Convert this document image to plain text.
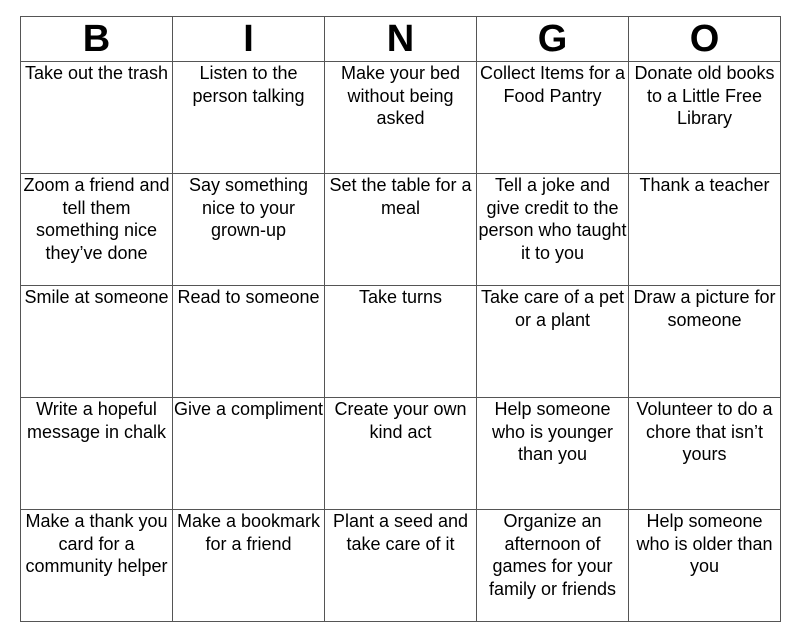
B	I	N	G	O

Take out the trash	Listen to the person talking	Make your bed without being asked	Collect Items for a Food Pantry	Donate old books to a Little Free Library

Zoom a friend and tell them something nice they’ve done	Say something nice to your grown-up	Set the table for a meal	Tell a joke and give credit to the person who taught it to you	Thank a teacher

Smile at someone	Read to someone	Take turns	Take care of a pet or a plant	Draw a picture for someone

Write a hopeful message in chalk	Give a compliment	Create your own kind act	Help someone who is younger than you	Volunteer to do a chore that isn’t yours

Make a thank you card for a community helper	Make a bookmark for a friend	Plant a seed and take care of it	Organize an afternoon of games for your family or friends	Help someone who is older than you
